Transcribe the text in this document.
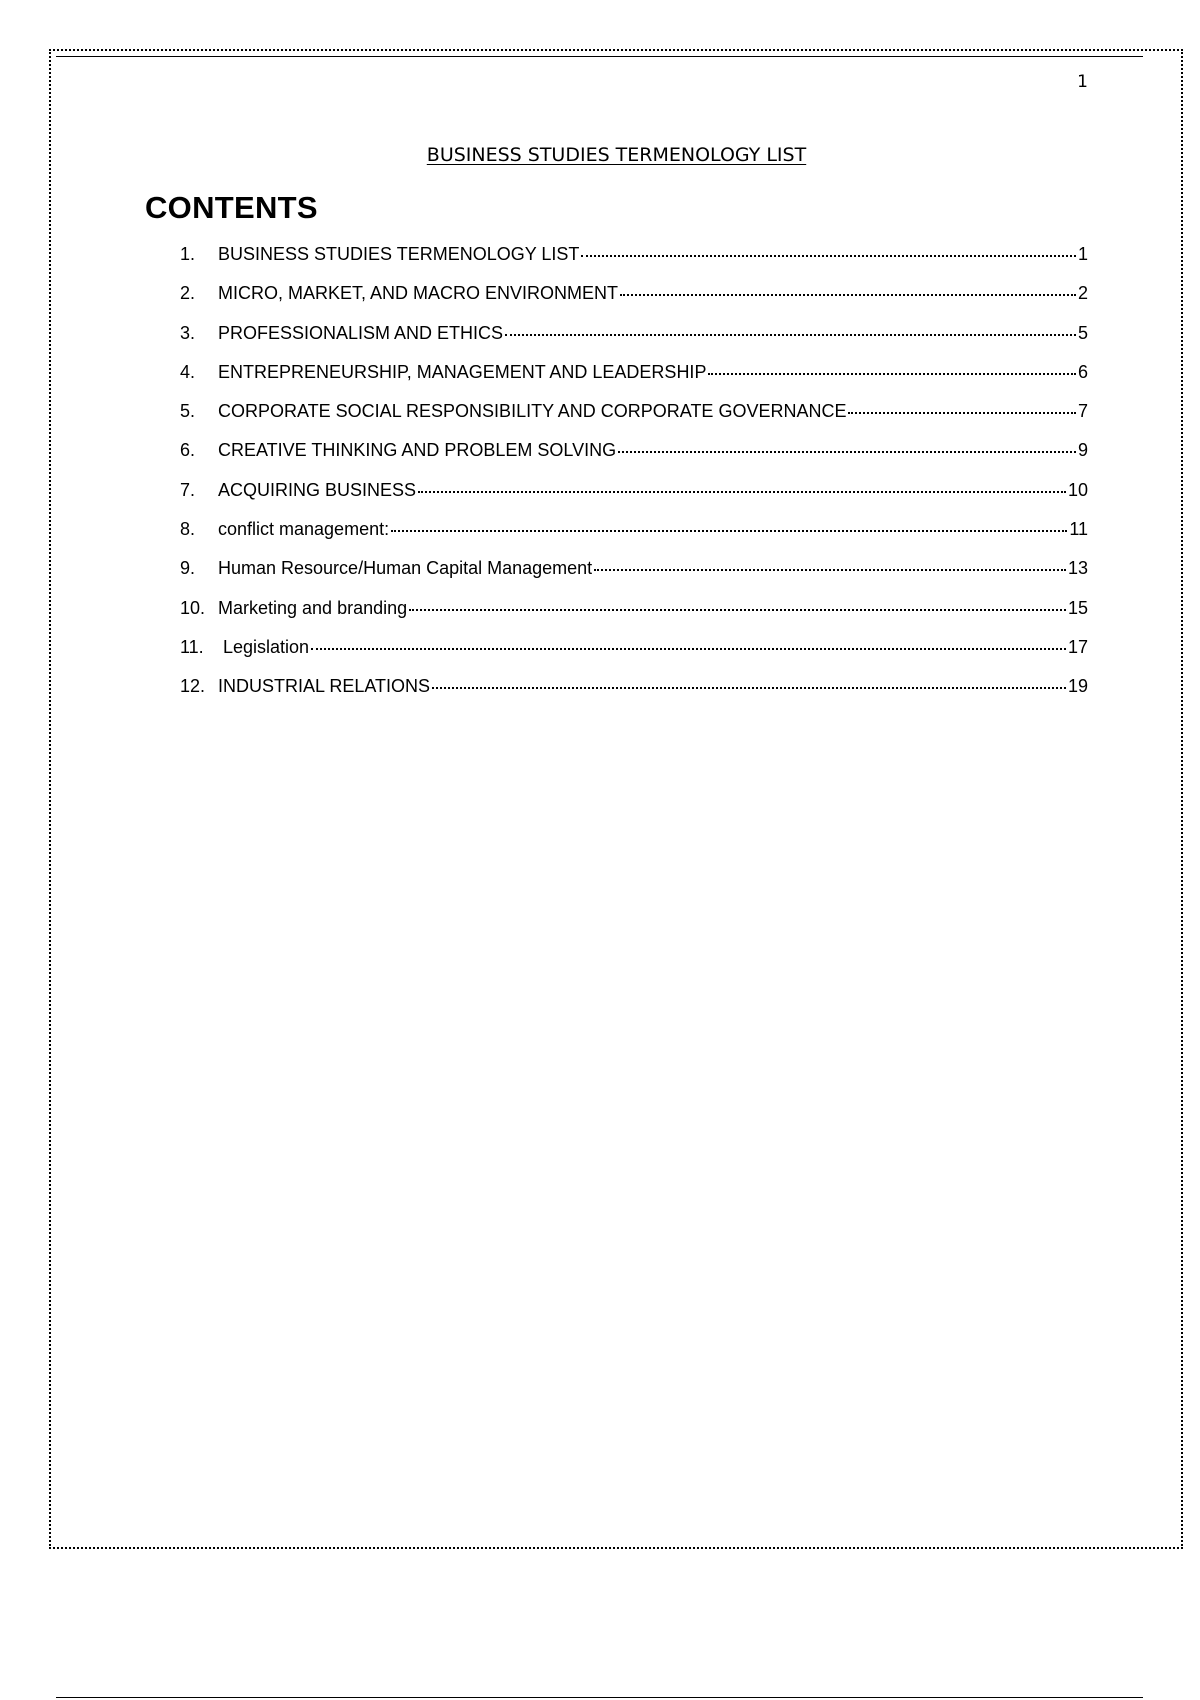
1
BUSINESS STUDIES TERMENOLOGY LIST
CONTENTS
1.	BUSINESS STUDIES TERMENOLOGY LIST	1
2.	MICRO, MARKET, AND MACRO ENVIRONMENT	2
3.	PROFESSIONALISM AND ETHICS	5
4.	ENTREPRENEURSHIP, MANAGEMENT AND LEADERSHIP	6
5.	CORPORATE SOCIAL RESPONSIBILITY AND CORPORATE GOVERNANCE	7
6.	CREATIVE THINKING AND PROBLEM SOLVING	9
7.	ACQUIRING BUSINESS	10
8.	conflict management:	11
9.	Human Resource/Human Capital Management	13
10. Marketing and branding	15
11. Legislation	17
12. INDUSTRIAL RELATIONS	19
